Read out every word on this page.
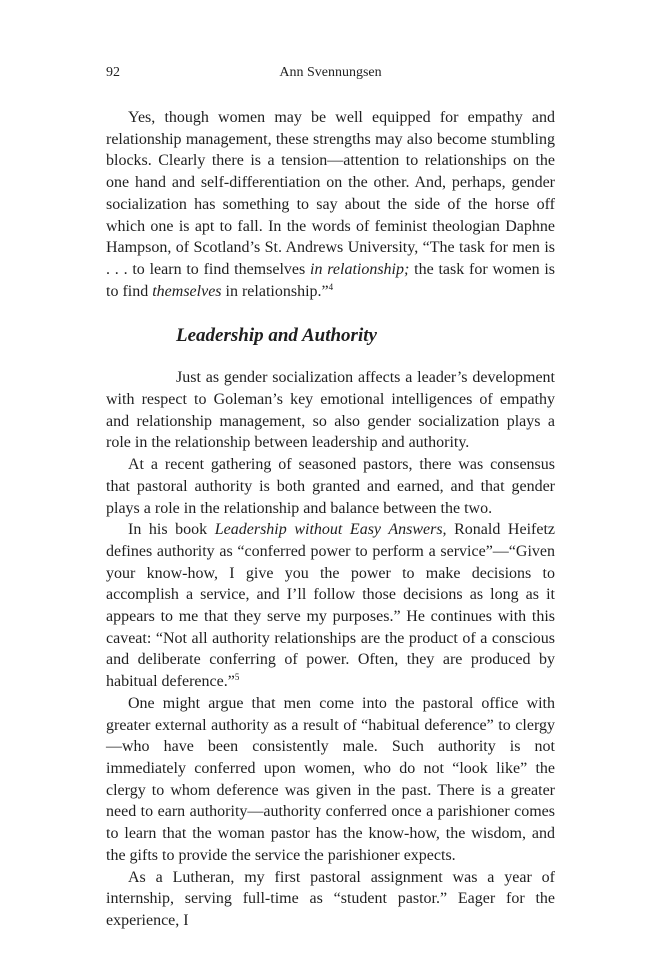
92	Ann Svennungsen

Yes, though women may be well equipped for empathy and relationship management, these strengths may also become stumbling blocks. Clearly there is a tension—attention to relationships on the one hand and self-differentiation on the other. And, perhaps, gender socialization has something to say about the side of the horse off which one is apt to fall. In the words of feminist theologian Daphne Hampson, of Scotland’s St. Andrews University, “The task for men is . . . to learn to find themselves in relationship; the task for women is to find themselves in relationship.”$^4$

Leadership and Authority

Just as gender socialization affects a leader’s development with respect to Goleman’s key emotional intelligences of empathy and relationship management, so also gender socialization plays a role in the relationship between leadership and authority.

At a recent gathering of seasoned pastors, there was consensus that pastoral authority is both granted and earned, and that gender plays a role in the relationship and balance between the two.

In his book Leadership without Easy Answers, Ronald Heifetz defines authority as “conferred power to perform a service”—“Given your know-how, I give you the power to make decisions to accomplish a service, and I’ll follow those decisions as long as it appears to me that they serve my purposes.” He continues with this caveat: “Not all authority relationships are the product of a conscious and deliberate conferring of power. Often, they are produced by habitual deference.”$^5$

One might argue that men come into the pastoral office with greater external authority as a result of “habitual deference” to clergy—who have been consistently male. Such authority is not immediately conferred upon women, who do not “look like” the clergy to whom deference was given in the past. There is a greater need to earn authority—authority conferred once a parishioner comes to learn that the woman pastor has the know-how, the wisdom, and the gifts to provide the service the parishioner expects.

As a Lutheran, my first pastoral assignment was a year of internship, serving full-time as “student pastor.” Eager for the experience, I
